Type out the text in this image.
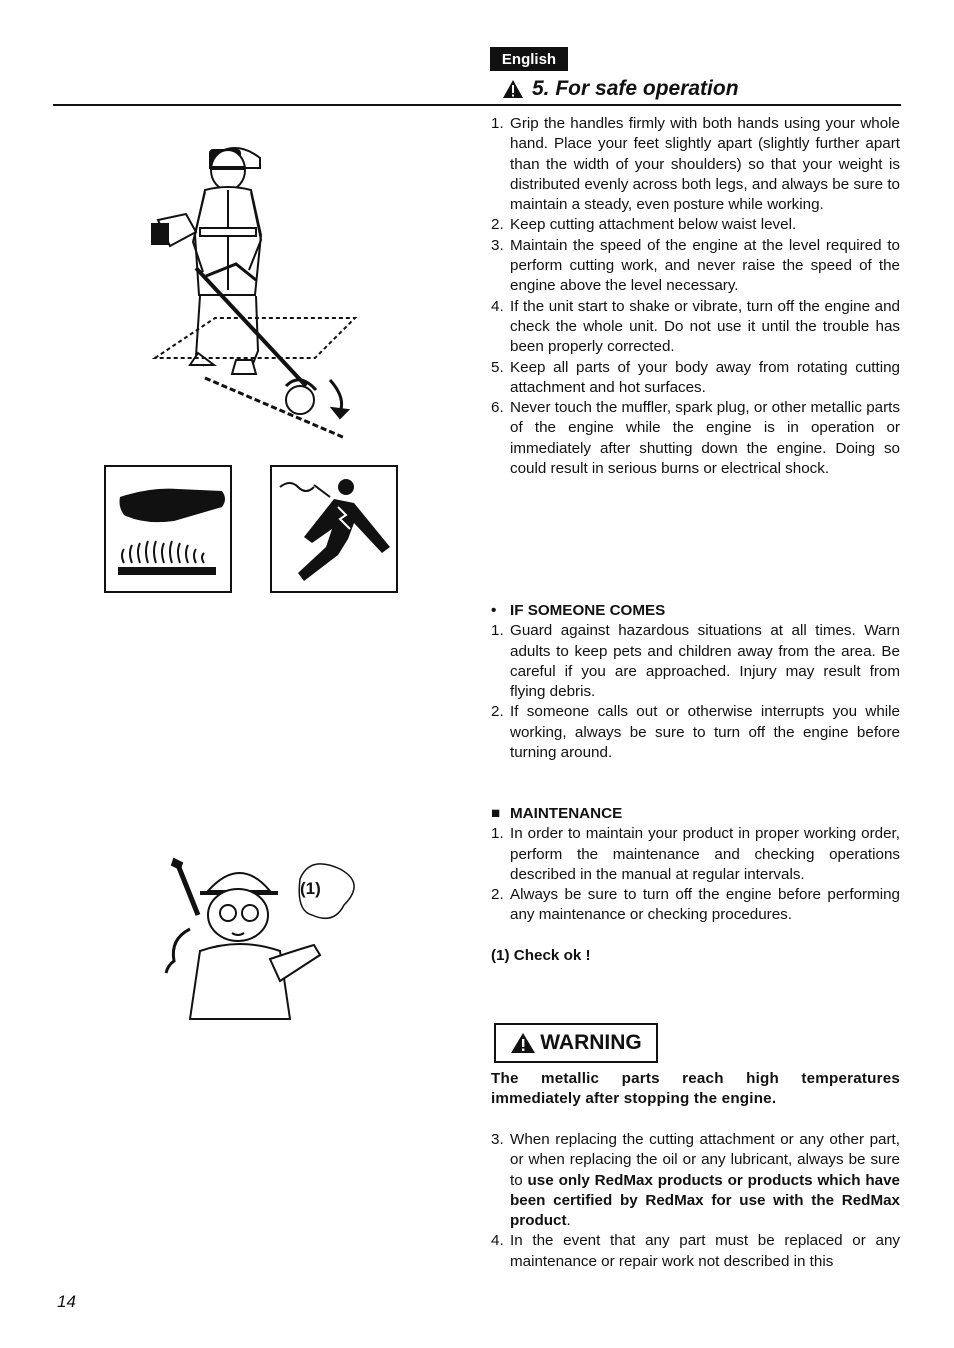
English
5. For safe operation
(1)
1. Grip the handles firmly with both hands using your whole hand. Place your feet slightly apart (slightly further apart than the width of your shoulders) so that your weight is distributed evenly across both legs, and always be sure to maintain a steady, even posture while working.
2. Keep cutting attachment below waist level.
3. Maintain the speed of the engine at the level required to perform cutting work, and never raise the speed of the engine above the level necessary.
4. If the unit start to shake or vibrate, turn off the engine and check the whole unit. Do not use it until the trouble has been properly corrected.
5. Keep all parts of your body away from rotating cutting attachment and hot surfaces.
6. Never touch the muffler, spark plug, or other metallic parts of the engine while the engine is in operation or immediately after shutting down the engine. Doing so could result in serious burns or electrical shock.
• IF SOMEONE COMES
1. Guard against hazardous situations at all times. Warn adults to keep pets and children away from the area. Be careful if you are approached. Injury may result from flying debris.
2. If someone calls out or otherwise interrupts you while working, always be sure to turn off the engine before turning around.
■ MAINTENANCE
1. In order to maintain your product in proper working order, perform the maintenance and checking operations described in the manual at regular intervals.
2. Always be sure to turn off the engine before performing any maintenance or checking procedures.
(1) Check ok !
WARNING
The metallic parts reach high temperatures immediately after stopping the engine.
3. When replacing the cutting attachment or any other part, or when replacing the oil or any lubricant, always be sure to use only RedMax products or products which have been certified by RedMax for use with the RedMax product.
4. In the event that any part must be replaced or any maintenance or repair work not described in this
14
